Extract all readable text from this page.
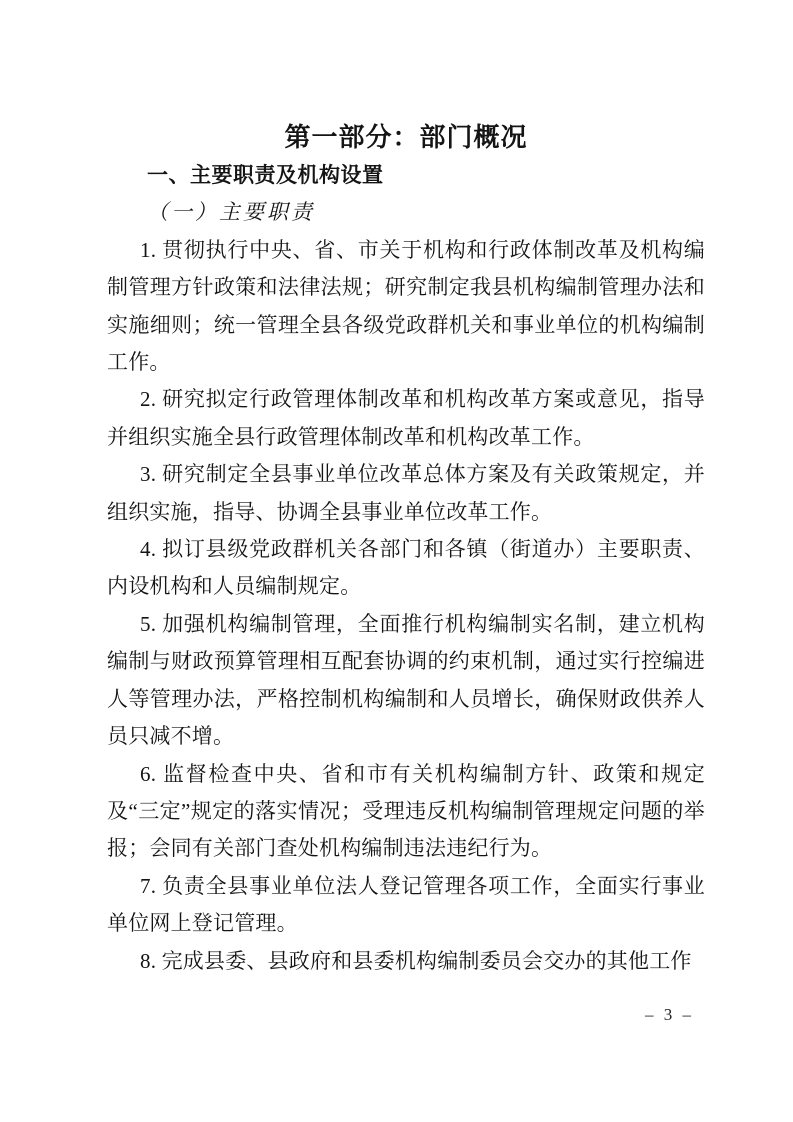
第一部分：部门概况
一、主要职责及机构设置
（一）主要职责

1. 贯彻执行中央、省、市关于机构和行政体制改革及机构编制管理方针政策和法律法规；研究制定我县机构编制管理办法和实施细则；统一管理全县各级党政群机关和事业单位的机构编制工作。

2. 研究拟定行政管理体制改革和机构改革方案或意见，指导并组织实施全县行政管理体制改革和机构改革工作。

3. 研究制定全县事业单位改革总体方案及有关政策规定，并组织实施，指导、协调全县事业单位改革工作。

4. 拟订县级党政群机关各部门和各镇（街道办）主要职责、内设机构和人员编制规定。

5. 加强机构编制管理，全面推行机构编制实名制，建立机构编制与财政预算管理相互配套协调的约束机制，通过实行控编进人等管理办法，严格控制机构编制和人员增长，确保财政供养人员只减不增。

6. 监督检查中央、省和市有关机构编制方针、政策和规定及“三定”规定的落实情况；受理违反机构编制管理规定问题的举报；会同有关部门查处机构编制违法违纪行为。

7. 负责全县事业单位法人登记管理各项工作，全面实行事业单位网上登记管理。

8. 完成县委、县政府和县委机构编制委员会交办的其他工作

– 3 –
